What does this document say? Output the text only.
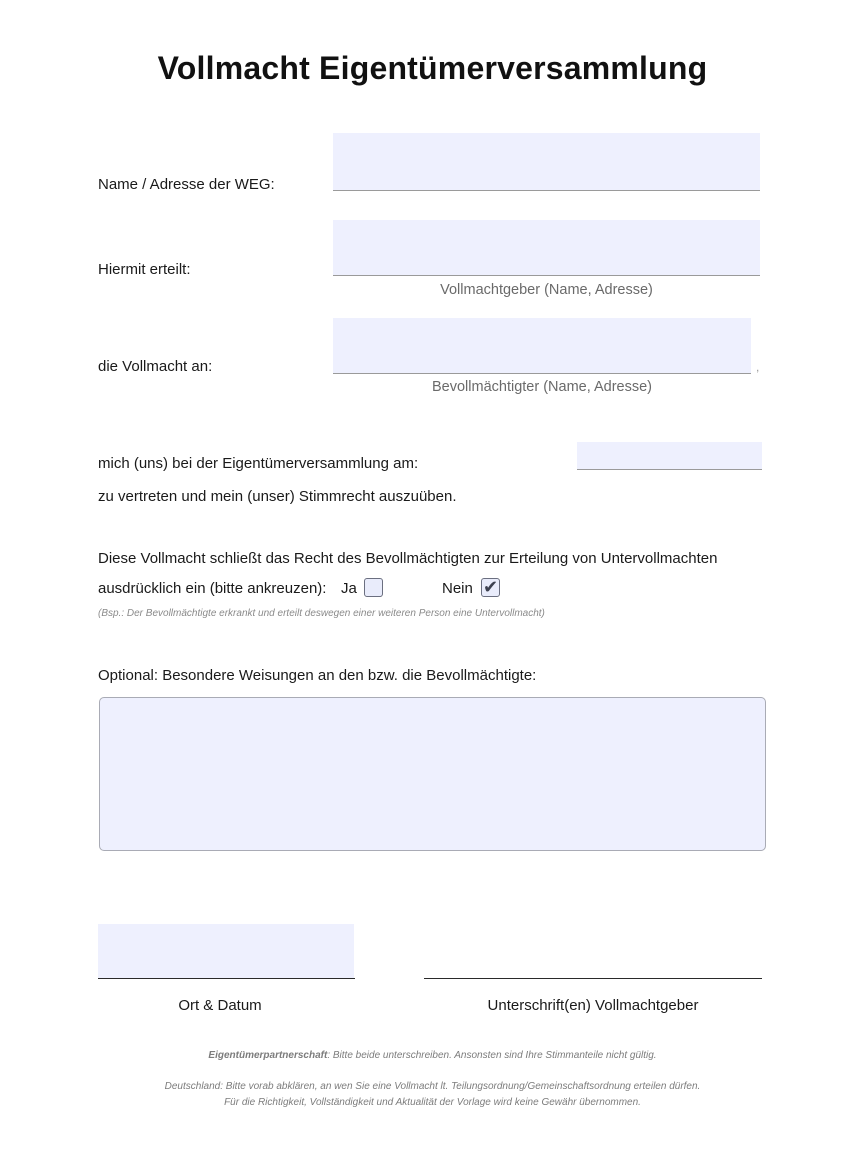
Vollmacht Eigentümerversammlung
Name / Adresse der WEG:
Hiermit erteilt:
Vollmachtgeber (Name, Adresse)
die Vollmacht an:	,
Bevollmächtigter (Name, Adresse)
mich (uns) bei der Eigentümerversammlung am:
zu vertreten und mein (unser) Stimmrecht auszuüben.
Diese Vollmacht schließt das Recht des Bevollmächtigten zur Erteilung von Untervollmachten
ausdrücklich ein (bitte ankreuzen): Ja	Nein ✔
(Bsp.: Der Bevollmächtigte erkrankt und erteilt deswegen einer weiteren Person eine Untervollmacht)
Optional: Besondere Weisungen an den bzw. die Bevollmächtigte:
Ort & Datum	Unterschrift(en) Vollmachtgeber
Eigentümerpartnerschaft: Bitte beide unterschreiben. Ansonsten sind Ihre Stimmanteile nicht gültig.
Deutschland: Bitte vorab abklären, an wen Sie eine Vollmacht lt. Teilungsordnung/Gemeinschaftsordnung erteilen dürfen.
Für die Richtigkeit, Vollständigkeit und Aktualität der Vorlage wird keine Gewähr übernommen.
